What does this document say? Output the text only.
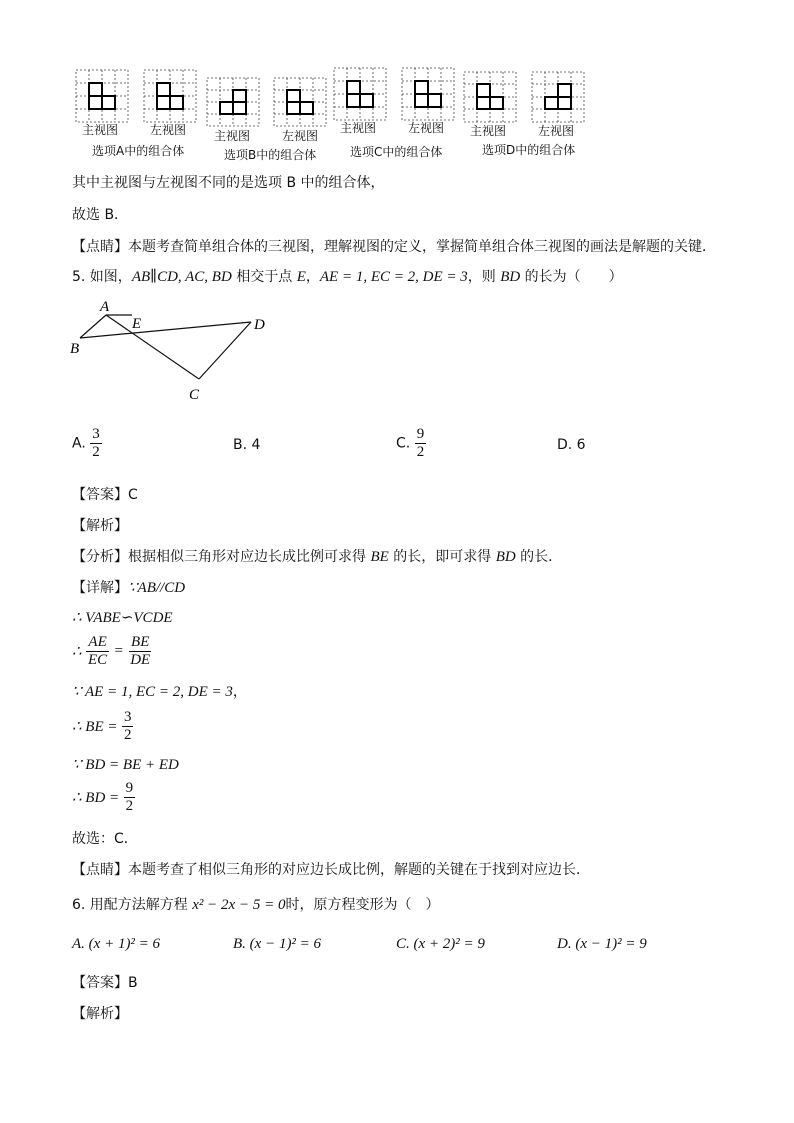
主视图	左视图 主视图	左视图
主视图	左视图 主视图	左视图
选项A中的组合体	选项B中的组合体	选项C中的组合体	选项D中的组合体
其中主视图与左视图不同的是选项 B 中的组合体，
故选 B．
【点睛】本题考查简单组合体的三视图，理解视图的定义，掌握简单组合体三视图的画法是解题的关键．
5. 如图，AB∥CD, AC, BD 相交于点 E，AE = 1, EC = 2, DE = 3，则 BD 的长为（　　）
A
B
C
D
E
A. $\frac{3}{2}$	B. 4	C. $\frac{9}{2}$	D. 6
【答案】C
【解析】
【分析】根据相似三角形对应边长成比例可求得 BE 的长，即可求得 BD 的长．
【详解】∵AB//CD
∴ VABE∽VCDE
∴ $\frac{AE}{EC} = \frac{BE}{DE}$
∵ AE = 1, EC = 2, DE = 3，
∴ BE = $\frac{3}{2}$
∵ BD = BE + ED
∴ BD = $\frac{9}{2}$
故选：C．
【点睛】本题考查了相似三角形的对应边长成比例，解题的关键在于找到对应边长．
6. 用配方法解方程 x² − 2x − 5 = 0时，原方程变形为（　）
A. (x + 1)² = 6	B. (x − 1)² = 6	C. (x + 2)² = 9	D. (x − 1)² = 9
【答案】B
【解析】
